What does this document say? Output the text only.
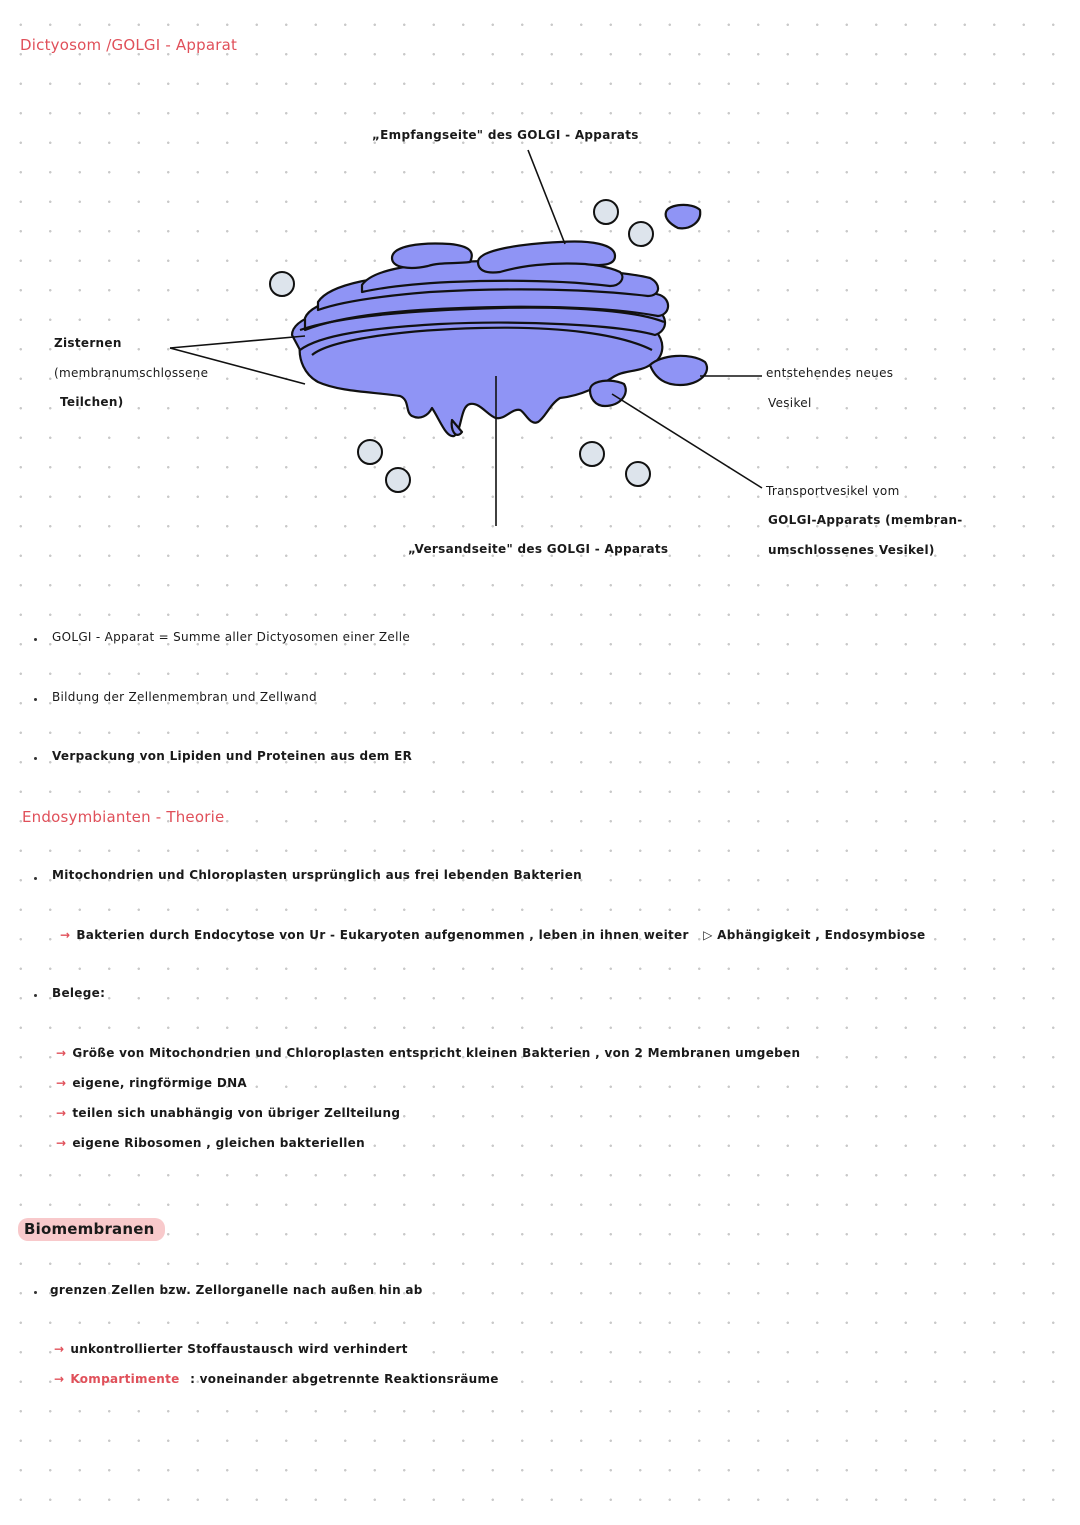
Dictyosom /GOLGI - Apparat
„Empfangseite" des GOLGI - Apparats
„Versandseite" des GOLGI - Apparats
Zisternen
(membranumschlossene
Teilchen)
entstehendes neues
Vesikel
Transportvesikel vom
GOLGI-Apparats (membran-
umschlossenes Vesikel)
GOLGI - Apparat = Summe aller Dictyosomen einer Zelle
Bildung der Zellenmembran und Zellwand
Verpackung von Lipiden und Proteinen aus dem ER
Endosymbianten - Theorie
Mitochondrien und Chloroplasten ursprünglich aus frei lebenden Bakterien
→ Bakterien durch Endocytose von Ur - Eukaryoten aufgenommen , leben in ihnen weiter ▷ Abhängigkeit , Endosymbiose
Belege:
→ Größe von Mitochondrien und Chloroplasten entspricht kleinen Bakterien , von 2 Membranen umgeben
→ eigene, ringförmige DNA
→ teilen sich unabhängig von übriger Zellteilung
→ eigene Ribosomen , gleichen bakteriellen
Biomembranen
grenzen Zellen bzw. Zellorganelle nach außen hin ab
→ unkontrollierter Stoffaustausch wird verhindert
→ Kompartimente : voneinander abgetrennte Reaktionsräume
